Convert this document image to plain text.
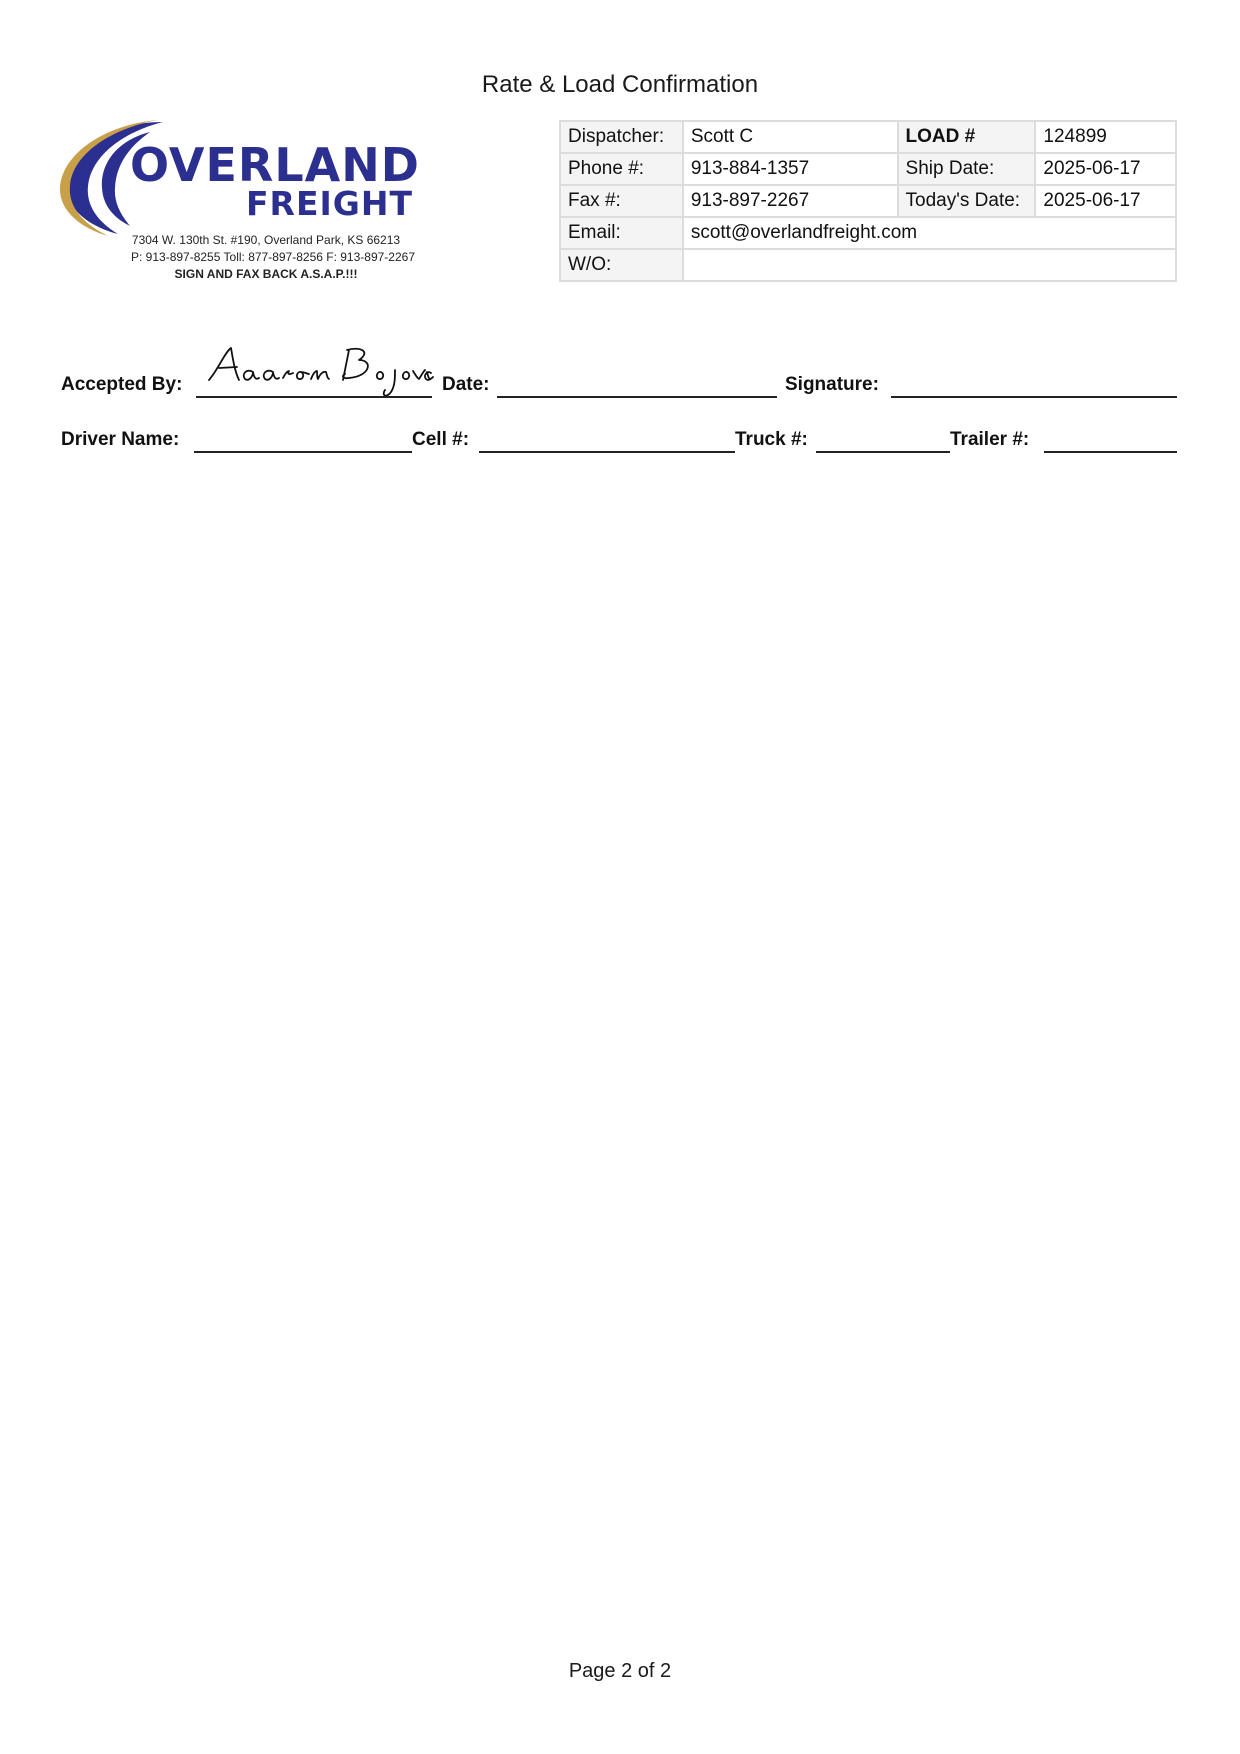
Rate & Load Confirmation
OVERLAND
FREIGHT
7304 W. 130th St. #190, Overland Park, KS 66213
P: 913-897-8255 Toll: 877-897-8256 F: 913-897-2267
SIGN AND FAX BACK A.S.A.P.!!!
Dispatcher:	Scott C	LOAD #	124899
Phone #:	913-884-1357	Ship Date:	2025-06-17
Fax #:	913-897-2267	Today's Date:	2025-06-17
Email:	scott@overlandfreight.com		
W/O:			
Accepted By:	Date:	Signature:
Driver Name:	Cell #:	Truck #:	Trailer #:
Page 2 of 2
